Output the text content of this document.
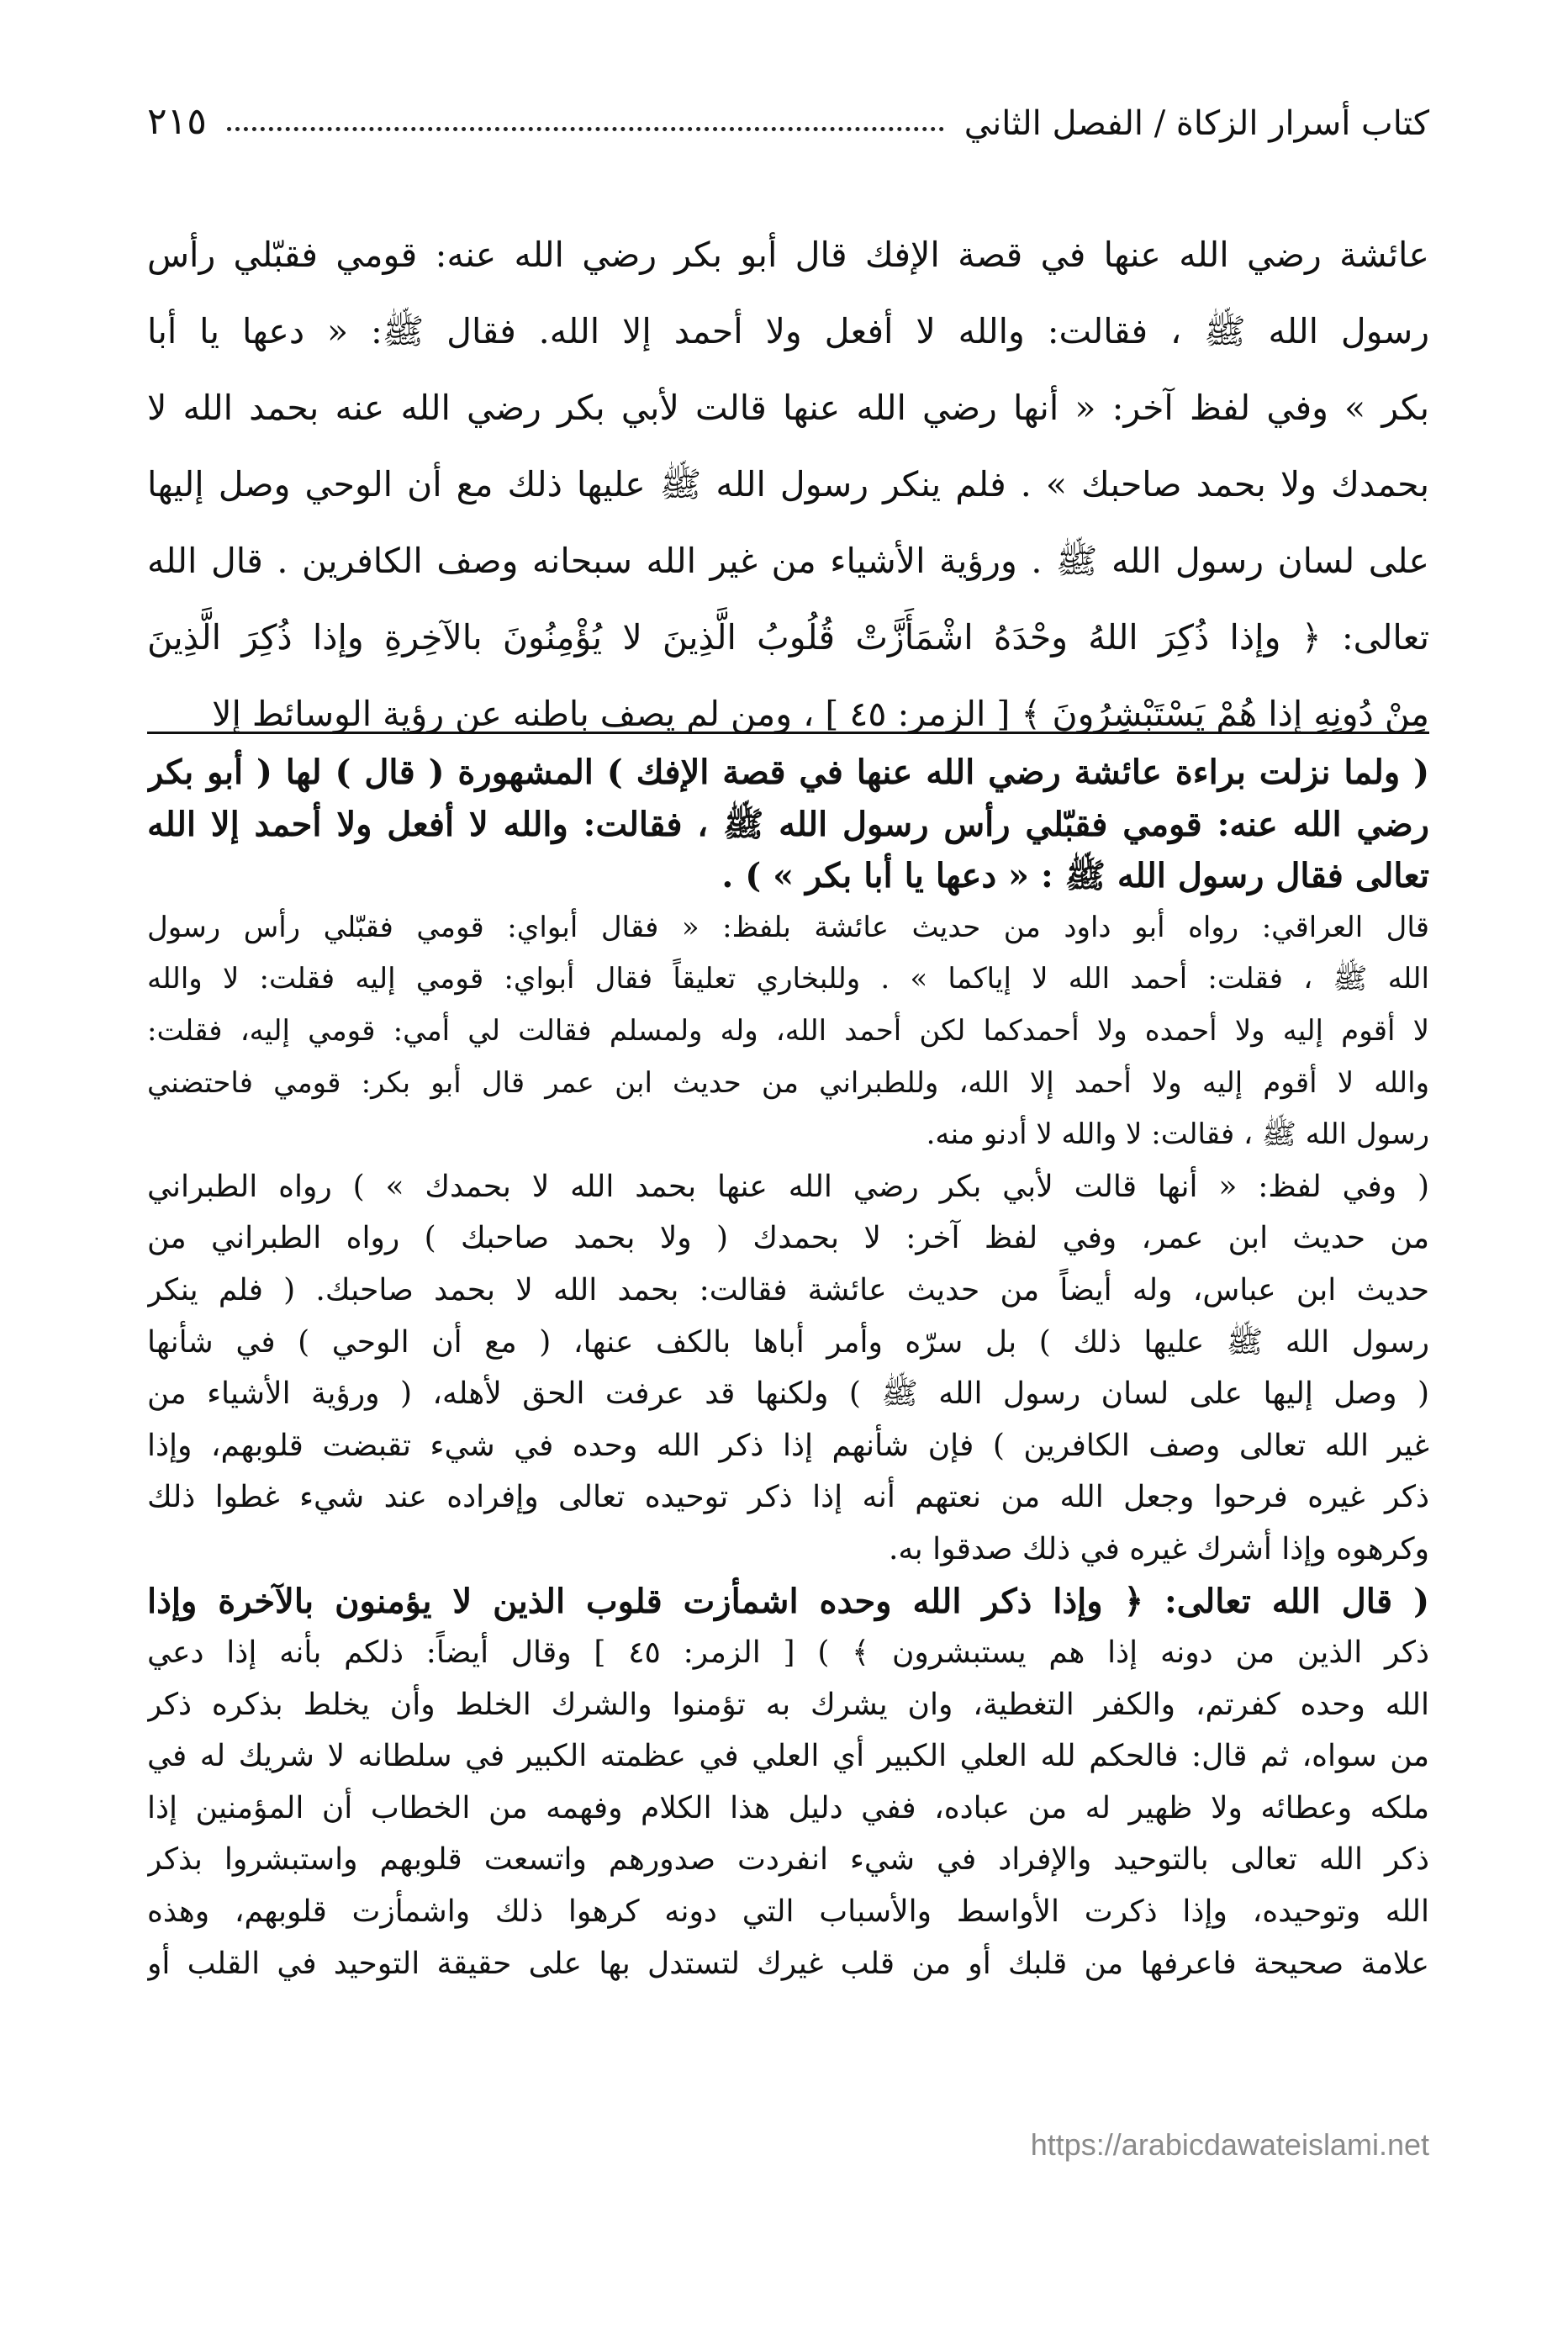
كتاب أسرار الزكاة / الفصل الثاني
٢١٥
عائشة رضي الله عنها في قصة الإفك قال أبو بكر رضي الله عنه: قومي فقبّلي رأس
رسول الله ﷺ ، فقالت: والله لا أفعل ولا أحمد إلا الله. فقال ﷺ: « دعها يا أبا
بكر » وفي لفظ آخر: « أنها رضي الله عنها قالت لأبي بكر رضي الله عنه بحمد الله لا
بحمدك ولا بحمد صاحبك » . فلم ينكر رسول الله ﷺ عليها ذلك مع أن الوحي وصل إليها
على لسان رسول الله ﷺ . ورؤية الأشياء من غير الله سبحانه وصف الكافرين . قال الله
تعالى: ﴿ وإذا ذُكِرَ اللهُ وحْدَهُ اشْمَأَزَّتْ قُلُوبُ الَّذِينَ لا يُؤْمِنُونَ بالآخِرةِ وإذا ذُكِرَ الَّذِينَ
مِنْ دُونِهِ إذا هُمْ يَسْتَبْشِرُونَ ﴾ [ الزمر: ٤٥ ] ، ومن لم يصف باطنه عن رؤية الوسائط إلا
( ولما نزلت براءة عائشة رضي الله عنها في قصة الإفك ) المشهورة ( قال ) لها ( أبو بكر
رضي الله عنه: قومي فقبّلي رأس رسول الله ﷺ ، فقالت: والله لا أفعل ولا أحمد إلا الله
تعالى فقال رسول الله ﷺ : « دعها يا أبا بكر » ) .
قال العراقي: رواه أبو داود من حديث عائشة بلفظ: « فقال أبواي: قومي فقبّلي رأس رسول
الله ﷺ ، فقلت: أحمد الله لا إياكما » . وللبخاري تعليقاً فقال أبواي: قومي إليه فقلت: لا والله
لا أقوم إليه ولا أحمده ولا أحمدكما لكن أحمد الله، وله ولمسلم فقالت لي أمي: قومي إليه، فقلت:
والله لا أقوم إليه ولا أحمد إلا الله، وللطبراني من حديث ابن عمر قال أبو بكر: قومي فاحتضني
رسول الله ﷺ ، فقالت: لا والله لا أدنو منه.
( وفي لفظ: « أنها قالت لأبي بكر رضي الله عنها بحمد الله لا بحمدك » ) رواه الطبراني
من حديث ابن عمر، وفي لفظ آخر: لا بحمدك ( ولا بحمد صاحبك ) رواه الطبراني من
حديث ابن عباس، وله أيضاً من حديث عائشة فقالت: بحمد الله لا بحمد صاحبك. ( فلم ينكر
رسول الله ﷺ عليها ذلك ) بل سرّه وأمر أباها بالكف عنها، ( مع أن الوحي ) في شأنها
( وصل إليها على لسان رسول الله ﷺ ) ولكنها قد عرفت الحق لأهله، ( ورؤية الأشياء من
غير الله تعالى وصف الكافرين ) فإن شأنهم إذا ذكر الله وحده في شيء تقبضت قلوبهم، وإذا
ذكر غيره فرحوا وجعل الله من نعتهم أنه إذا ذكر توحيده تعالى وإفراده عند شيء غطوا ذلك
وكرهوه وإذا أشرك غيره في ذلك صدقوا به.
( قال الله تعالى: ﴿ وإذا ذكر الله وحده اشمأزت قلوب الذين لا يؤمنون بالآخرة وإذا
ذكر الذين من دونه إذا هم يستبشرون ﴾ ) [ الزمر: ٤٥ ] وقال أيضاً: ذلكم بأنه إذا دعي
الله وحده كفرتم، والكفر التغطية، وان يشرك به تؤمنوا والشرك الخلط وأن يخلط بذكره ذكر
من سواه، ثم قال: فالحكم لله العلي الكبير أي العلي في عظمته الكبير في سلطانه لا شريك له في
ملكه وعطائه ولا ظهير له من عباده، ففي دليل هذا الكلام وفهمه من الخطاب أن المؤمنين إذا
ذكر الله تعالى بالتوحيد والإفراد في شيء انفردت صدورهم واتسعت قلوبهم واستبشروا بذكر
الله وتوحيده، وإذا ذكرت الأواسط والأسباب التي دونه كرهوا ذلك واشمأزت قلوبهم، وهذه
علامة صحيحة فاعرفها من قلبك أو من قلب غيرك لتستدل بها على حقيقة التوحيد في القلب أو
https://arabicdawateislami.net
